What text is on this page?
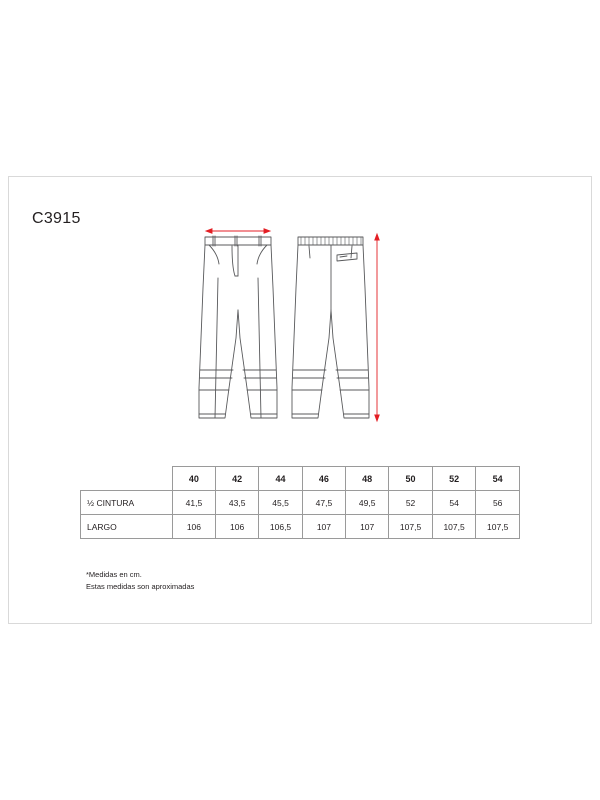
C3915
	40	42	44	46	48	50	52	54
½ CINTURA	41,5	43,5	45,5	47,5	49,5	52	54	56
LARGO	106	106	106,5	107	107	107,5	107,5	107,5
*Medidas en cm.
Estas medidas son aproximadas
